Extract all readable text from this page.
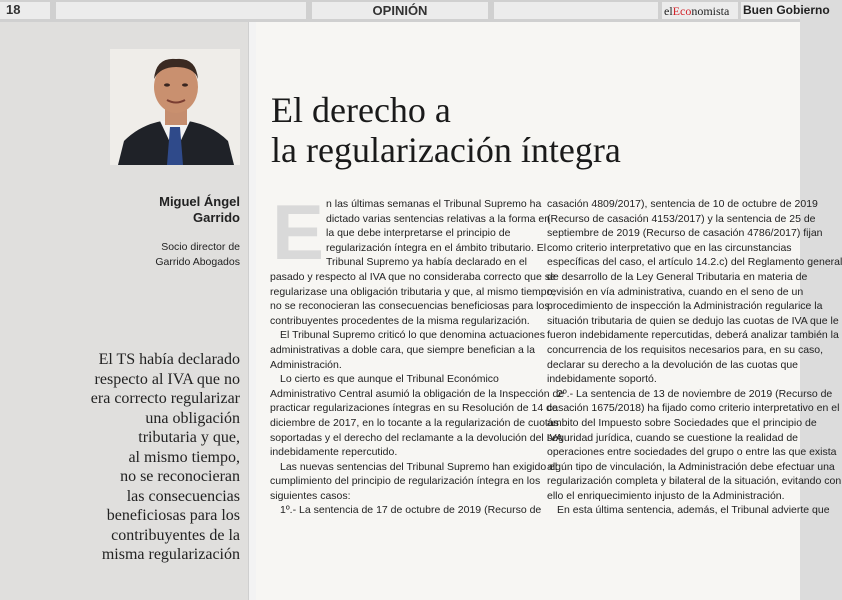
18	OPINIÓN	elEconomista Buen Gobierno
Miguel Ángel
Garrido
Socio director de
Garrido Abogados
El TS había declarado
respecto al IVA que no
era correcto regularizar
una obligación
tributaria y que,
al mismo tiempo,
no se reconocieran
las consecuencias
beneficiosas para los
contribuyentes de la
misma regularización
El derecho a
la regularización íntegra
E n las últimas semanas el Tribunal Supremo ha
dictado varias sentencias relativas a la forma en
la que debe interpretarse el principio de
regularización íntegra en el ámbito tributario. El
Tribunal Supremo ya había declarado en el
pasado y respecto al IVA que no consideraba correcto que se
regularizase una obligación tributaria y que, al mismo tiempo,
no se reconocieran las consecuencias beneficiosas para los
contribuyentes procedentes de la misma regularización.
El Tribunal Supremo criticó lo que denomina actuaciones
administrativas a doble cara, que siempre benefician a la
Administración.
Lo cierto es que aunque el Tribunal Económico
Administrativo Central asumió la obligación de la Inspección de
practicar regularizaciones íntegras en su Resolución de 14 de
diciembre de 2017, en lo tocante a la regularización de cuotas
soportadas y el derecho del reclamante a la devolución del IVA
indebidamente repercutido.
Las nuevas sentencias del Tribunal Supremo han exigido el
cumplimiento del principio de regularización íntegra en los
siguientes casos:
1º.- La sentencia de 17 de octubre de 2019 (Recurso de
casación 4809/2017), sentencia de 10 de octubre de 2019
(Recurso de casación 4153/2017) y la sentencia de 25 de
septiembre de 2019 (Recurso de casación 4786/2017) fijan
como criterio interpretativo que en las circunstancias
específicas del caso, el artículo 14.2.c) del Reglamento general
de desarrollo de la Ley General Tributaria en materia de
revisión en vía administrativa, cuando en el seno de un
procedimiento de inspección la Administración regularice la
situación tributaria de quien se dedujo las cuotas de IVA que le
fueron indebidamente repercutidas, deberá analizar también la
concurrencia de los requisitos necesarios para, en su caso,
declarar su derecho a la devolución de las cuotas que
indebidamente soportó.
2º.- La sentencia de 13 de noviembre de 2019 (Recurso de
casación 1675/2018) ha fijado como criterio interpretativo en el
ámbito del Impuesto sobre Sociedades que el principio de
seguridad jurídica, cuando se cuestione la realidad de
operaciones entre sociedades del grupo o entre las que exista
algún tipo de vinculación, la Administración debe efectuar una
regularización completa y bilateral de la situación, evitando con
ello el enriquecimiento injusto de la Administración.
En esta última sentencia, además, el Tribunal advierte que
